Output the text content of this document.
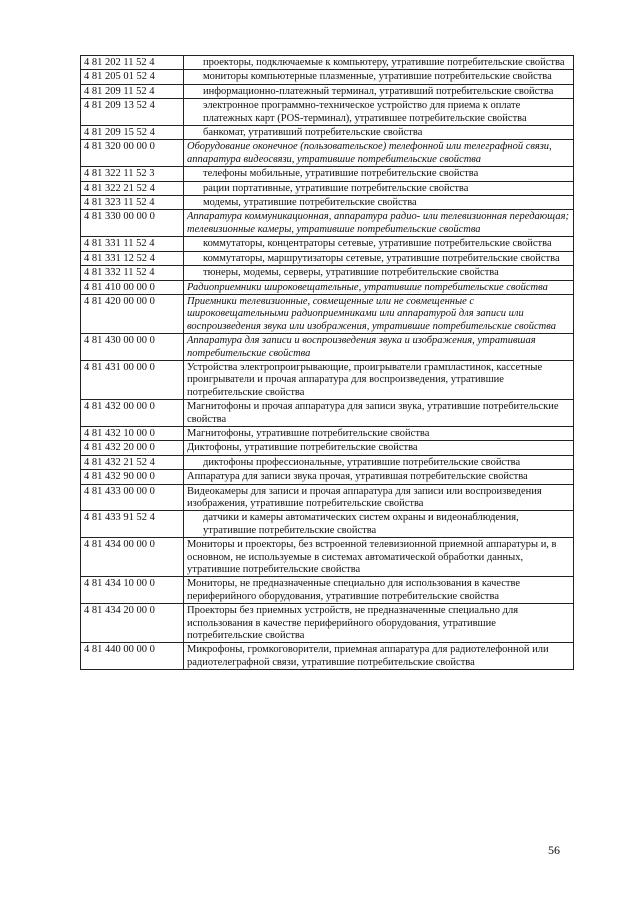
4 81 202 11 52 4	проекторы, подключаемые к компьютеру, утратившие потребительские свойства
4 81 205 01 52 4	мониторы компьютерные плазменные, утратившие потребительские свойства
4 81 209 11 52 4	информационно-платежный терминал, утративший потребительские свойства
4 81 209 13 52 4	электронное программно-техническое устройство для приема к оплате платежных карт (POS-терминал), утратившее потребительские свойства
4 81 209 15 52 4	банкомат, утративший потребительские свойства
4 81 320 00 00 0	Оборудование оконечное (пользовательское) телефонной или телеграфной связи, аппаратура видеосвязи, утратившие потребительские свойства
4 81 322 11 52 3	телефоны мобильные, утратившие потребительские свойства
4 81 322 21 52 4	рации портативные, утратившие потребительские свойства
4 81 323 11 52 4	модемы, утратившие потребительские свойства
4 81 330 00 00 0	Аппаратура коммуникационная, аппаратура радио- или телевизионная передающая; телевизионные камеры, утратившие потребительские свойства
4 81 331 11 52 4	коммутаторы, концентраторы сетевые, утратившие потребительские свойства
4 81 331 12 52 4	коммутаторы, маршрутизаторы сетевые, утратившие потребительские свойства
4 81 332 11 52 4	тюнеры, модемы, серверы, утратившие потребительские свойства
4 81 410 00 00 0	Радиоприемники широковещательные, утратившие потребительские свойства
4 81 420 00 00 0	Приемники телевизионные, совмещенные или не совмещенные с широковещательными радиоприемниками или аппаратурой для записи или воспроизведения звука или изображения, утратившие потребительские свойства
4 81 430 00 00 0	Аппаратура для записи и воспроизведения звука и изображения, утратившая потребительские свойства
4 81 431 00 00 0	Устройства электропроигрывающие, проигрыватели грампластинок, кассетные проигрыватели и прочая аппаратура для воспроизведения, утратившие потребительские свойства
4 81 432 00 00 0	Магнитофоны и прочая аппаратура для записи звука, утратившие потребительские свойства
4 81 432 10 00 0	Магнитофоны, утратившие потребительские свойства
4 81 432 20 00 0	Диктофоны, утратившие потребительские свойства
4 81 432 21 52 4	диктофоны профессиональные, утратившие потребительские свойства
4 81 432 90 00 0	Аппаратура для записи звука прочая, утратившая потребительские свойства
4 81 433 00 00 0	Видеокамеры для записи и прочая аппаратура для записи или воспроизведения изображения, утратившие потребительские свойства
4 81 433 91 52 4	датчики и камеры автоматических систем охраны и видеонаблюдения, утратившие потребительские свойства
4 81 434 00 00 0	Мониторы и проекторы, без встроенной телевизионной приемной аппаратуры и, в основном, не используемые в системах автоматической обработки данных, утратившие потребительские свойства
4 81 434 10 00 0	Мониторы, не предназначенные специально для использования в качестве периферийного оборудования, утратившие потребительские свойства
4 81 434 20 00 0	Проекторы без приемных устройств, не предназначенные специально для использования в качестве периферийного оборудования, утратившие потребительские свойства
4 81 440 00 00 0	Микрофоны, громкоговорители, приемная аппаратура для радиотелефонной или радиотелеграфной связи, утратившие потребительские свойства
56
